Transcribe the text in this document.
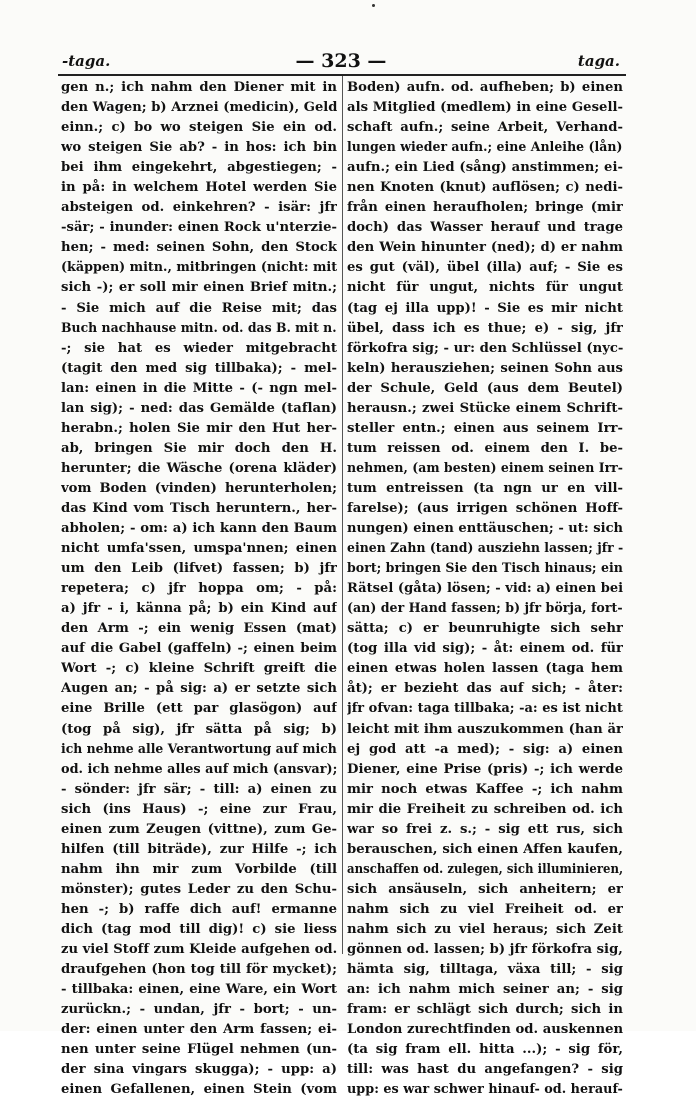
-taga.	— 323 —	taga.
gen n.; ich nahm den Diener mit in
den Wagen; b) Arznei (medicin), Geld
einn.; c) bo wo steigen Sie ein od.
wo steigen Sie ab? - in hos: ich bin
bei ihm eingekehrt, abgestiegen; -
in på: in welchem Hotel werden Sie
absteigen od. einkehren? - isär: jfr
-sär; - inunder: einen Rock u'nterzie-
hen; - med: seinen Sohn, den Stock
(käppen) mitn., mitbringen (nicht: mit
sich -); er soll mir einen Brief mitn.;
- Sie mich auf die Reise mit; das
Buch nachhause mitn. od. das B. mit n.
-; sie hat es wieder mitgebracht
(tagit den med sig tillbaka); - mel-
lan: einen in die Mitte - (- ngn mel-
lan sig); - ned: das Gemälde (taflan)
herabn.; holen Sie mir den Hut her-
ab, bringen Sie mir doch den H.
herunter; die Wäsche (orena kläder)
vom Boden (vinden) herunterholen;
das Kind vom Tisch heruntern., her-
abholen; - om: a) ich kann den Baum
nicht umfa'ssen, umspa'nnen; einen
um den Leib (lifvet) fassen; b) jfr
repetera; c) jfr hoppa om; - på:
a) jfr - i, känna på; b) ein Kind auf
den Arm -; ein wenig Essen (mat)
auf die Gabel (gaffeln) -; einen beim
Wort -; c) kleine Schrift greift die
Augen an; - på sig: a) er setzte sich
eine Brille (ett par glasögon) auf
(tog på sig), jfr sätta på sig; b)
ich nehme alle Verantwortung auf mich
od. ich nehme alles auf mich (ansvar);
- sönder: jfr sär; - till: a) einen zu
sich (ins Haus) -; eine zur Frau,
einen zum Zeugen (vittne), zum Ge-
hilfen (till biträde), zur Hilfe -; ich
nahm ihn mir zum Vorbilde (till
mönster); gutes Leder zu den Schu-
hen -; b) raffe dich auf! ermanne
dich (tag mod till dig)! c) sie liess
zu viel Stoff zum Kleide aufgehen od.
draufgehen (hon tog till för mycket);
- tillbaka: einen, eine Ware, ein Wort
zurückn.; - undan, jfr - bort; - un-
der: einen unter den Arm fassen; ei-
nen unter seine Flügel nehmen (un-
der sina vingars skugga); - upp: a)
einen Gefallenen, einen Stein (vom
Boden) aufn. od. aufheben; b) einen
als Mitglied (medlem) in eine Gesell-
schaft aufn.; seine Arbeit, Verhand-
lungen wieder aufn.; eine Anleihe (lån)
aufn.; ein Lied (sång) anstimmen; ei-
nen Knoten (knut) auflösen; c) nedi-
från einen heraufholen; bringe (mir
doch) das Wasser herauf und trage
den Wein hinunter (ned); d) er nahm
es gut (väl), übel (illa) auf; - Sie es
nicht für ungut, nichts für ungut
(tag ej illa upp)! - Sie es mir nicht
übel, dass ich es thue; e) - sig, jfr
förkofra sig; - ur: den Schlüssel (nyc-
keln) herausziehen; seinen Sohn aus
der Schule, Geld (aus dem Beutel)
herausn.; zwei Stücke einem Schrift-
steller entn.; einen aus seinem Irr-
tum reissen od. einem den I. be-
nehmen, (am besten) einem seinen Irr-
tum entreissen (ta ngn ur en vill-
farelse); (aus irrigen schönen Hoff-
nungen) einen enttäuschen; - ut: sich
einen Zahn (tand) ausziehn lassen; jfr -
bort; bringen Sie den Tisch hinaus; ein
Rätsel (gåta) lösen; - vid: a) einen bei
(an) der Hand fassen; b) jfr börja, fort-
sätta; c) er beunruhigte sich sehr
(tog illa vid sig); - åt: einem od. für
einen etwas holen lassen (taga hem
åt); er bezieht das auf sich; - åter:
jfr ofvan: taga tillbaka; -a: es ist nicht
leicht mit ihm auszukommen (han är
ej god att -a med); - sig: a) einen
Diener, eine Prise (pris) -; ich werde
mir noch etwas Kaffee -; ich nahm
mir die Freiheit zu schreiben od. ich
war so frei z. s.; - sig ett rus, sich
berauschen, sich einen Affen kaufen,
anschaffen od. zulegen, sich illuminieren,
sich ansäuseln, sich anheitern; er
nahm sich zu viel Freiheit od. er
nahm sich zu viel heraus; sich Zeit
gönnen od. lassen; b) jfr förkofra sig,
hämta sig, tilltaga, växa till; - sig
an: ich nahm mich seiner an; - sig
fram: er schlägt sich durch; sich in
London zurechtfinden od. auskennen
(ta sig fram ell. hitta ...); - sig för,
till: was hast du angefangen? - sig
upp: es war schwer hinauf- od. herauf-
